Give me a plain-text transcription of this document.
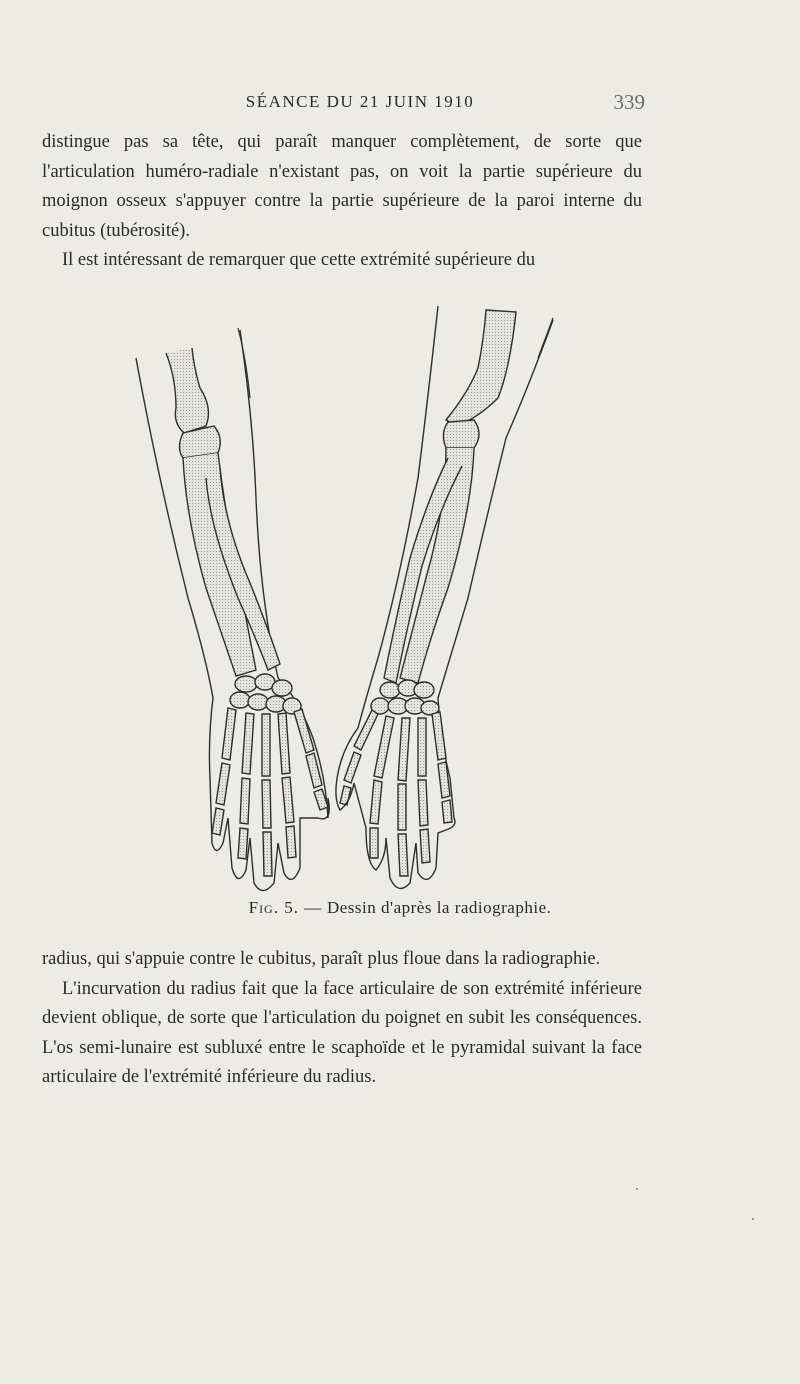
SÉANCE DU 21 JUIN 1910	339

distingue pas sa tête, qui paraît manquer complètement, de sorte que l'articulation huméro-radiale n'existant pas, on voit la partie supérieure du moignon osseux s'appuyer contre la partie supérieure de la paroi interne du cubitus (tubérosité).

Il est intéressant de remarquer que cette extrémité supérieure du

Fig. 5. — Dessin d'après la radiographie.

radius, qui s'appuie contre le cubitus, paraît plus floue dans la radiographie.

L'incurvation du radius fait que la face articulaire de son extrémité inférieure devient oblique, de sorte que l'articulation du poignet en subit les conséquences. L'os semi-lunaire est subluxé entre le scaphoïde et le pyramidal suivant la face articulaire de l'extrémité inférieure du radius.
